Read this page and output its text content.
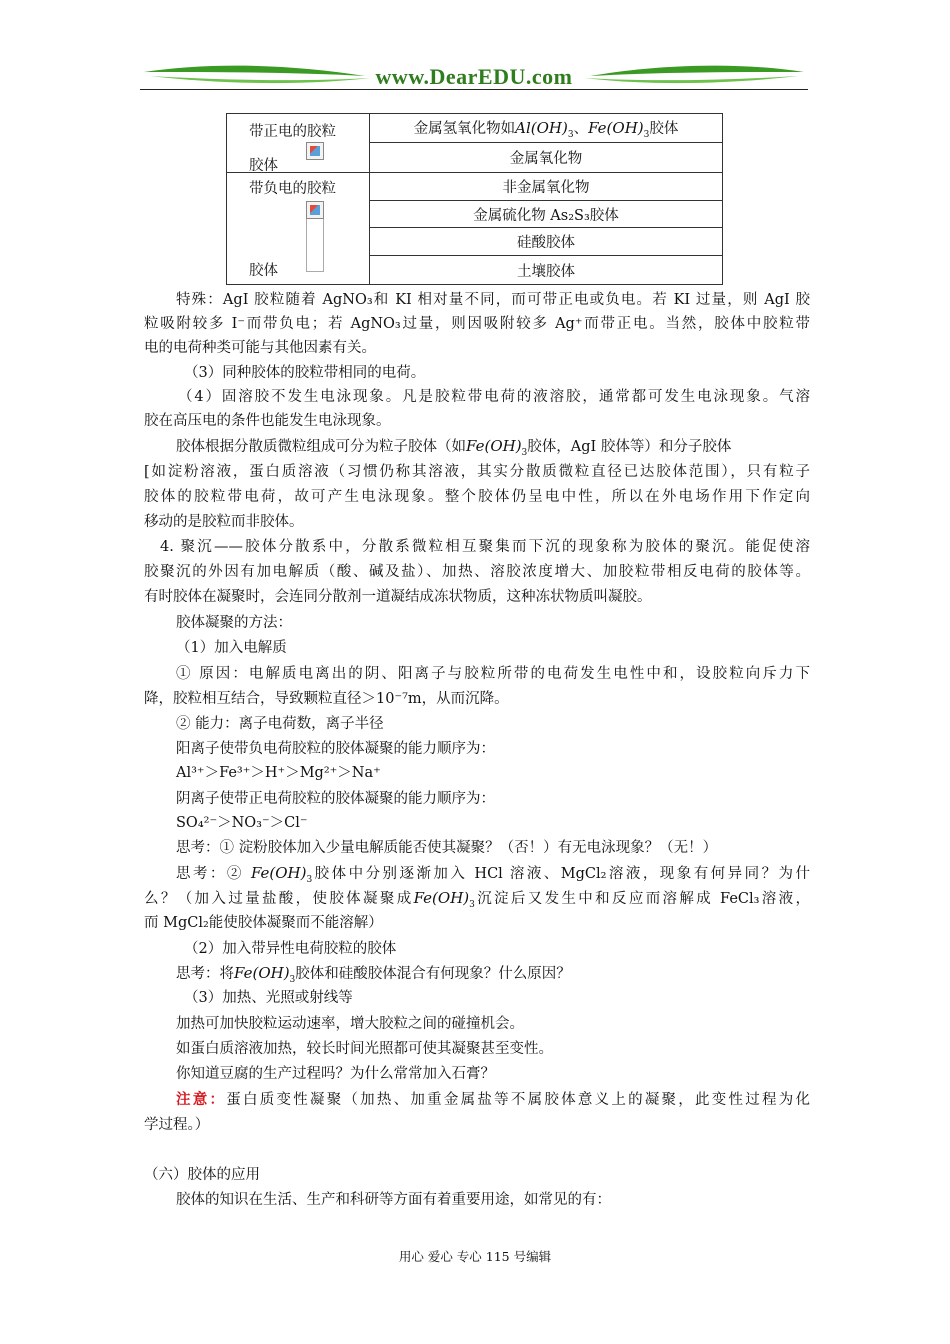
www.DearEDU.com
带正电的胶粒
胶体	金属氢氧化物如$Al(OH)_3$、$Fe(OH)_3$胶体
	金属氧化物

带负电的胶粒
胶体	非金属氧化物
	金属硫化物 As₂S₃胶体
	硅酸胶体
	土壤胶体
特殊：AgI 胶粒随着 AgNO₃和 KI 相对量不同，而可带正电或负电。若 KI 过量，则 AgI 胶
粒吸附较多 I⁻而带负电；若 AgNO₃过量，则因吸附较多 Ag⁺而带正电。当然，胶体中胶粒带
电的电荷种类可能与其他因素有关。
（3）同种胶体的胶粒带相同的电荷。
（4）固溶胶不发生电泳现象。凡是胶粒带电荷的液溶胶，通常都可发生电泳现象。气溶
胶在高压电的条件也能发生电泳现象。
胶体根据分散质微粒组成可分为粒子胶体（如$Fe(OH)_3$胶体，AgI 胶体等）和分子胶体
[如淀粉溶液，蛋白质溶液（习惯仍称其溶液，其实分散质微粒直径已达胶体范围），只有粒子
胶体的胶粒带电荷，故可产生电泳现象。整个胶体仍呈电中性，所以在外电场作用下作定向
移动的是胶粒而非胶体。
4. 聚沉——胶体分散系中，分散系微粒相互聚集而下沉的现象称为胶体的聚沉。能促使溶
胶聚沉的外因有加电解质（酸、碱及盐）、加热、溶胶浓度增大、加胶粒带相反电荷的胶体等。
有时胶体在凝聚时，会连同分散剂一道凝结成冻状物质，这种冻状物质叫凝胶。
胶体凝聚的方法：
（1）加入电解质
① 原因：电解质电离出的阴、阳离子与胶粒所带的电荷发生电性中和，设胶粒向斥力下
降，胶粒相互结合，导致颗粒直径＞10⁻⁷m，从而沉降。
② 能力：离子电荷数，离子半径
阳离子使带负电荷胶粒的胶体凝聚的能力顺序为：
Al³⁺＞Fe³⁺＞H⁺＞Mg²⁺＞Na⁺
阴离子使带正电荷胶粒的胶体凝聚的能力顺序为：
SO₄²⁻＞NO₃⁻＞Cl⁻
思考：① 淀粉胶体加入少量电解质能否使其凝聚？（否！）有无电泳现象？（无！）
思考：② $Fe(OH)_3$胶体中分别逐渐加入 HCl 溶液、MgCl₂溶液，现象有何异同？为什
么？（加入过量盐酸，使胶体凝聚成$Fe(OH)_3$沉淀后又发生中和反应而溶解成 FeCl₃溶液，
而 MgCl₂能使胶体凝聚而不能溶解）
（2）加入带异性电荷胶粒的胶体
思考：将$Fe(OH)_3$胶体和硅酸胶体混合有何现象？什么原因？
（3）加热、光照或射线等
加热可加快胶粒运动速率，增大胶粒之间的碰撞机会。
如蛋白质溶液加热，较长时间光照都可使其凝聚甚至变性。
你知道豆腐的生产过程吗？为什么常常加入石膏？
注意：蛋白质变性凝聚（加热、加重金属盐等不属胶体意义上的凝聚，此变性过程为化
学过程。）
（六）胶体的应用
胶体的知识在生活、生产和科研等方面有着重要用途，如常见的有：
用心 爱心 专心 115 号编辑
